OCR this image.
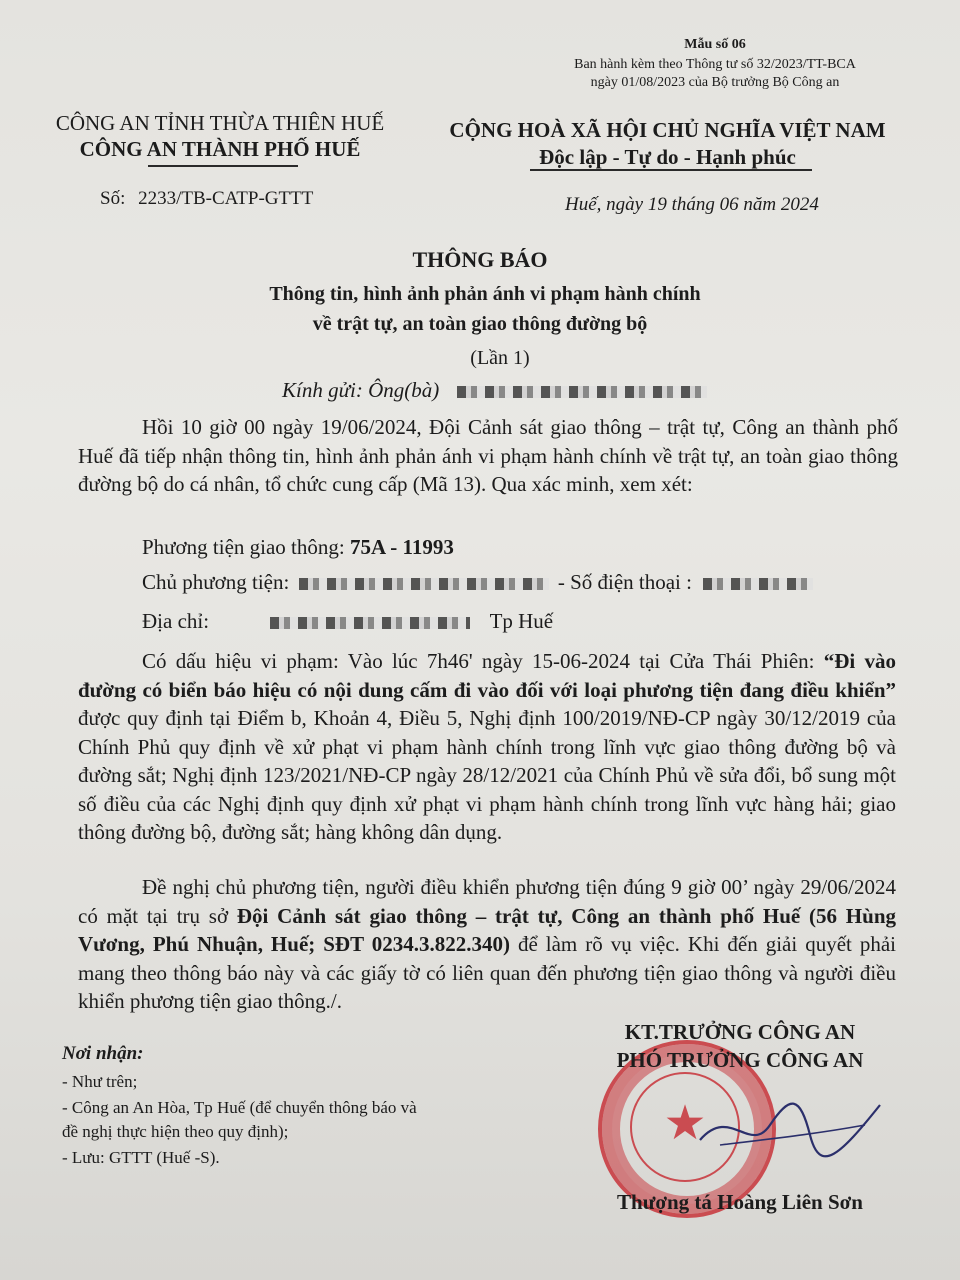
Mẫu số 06
Ban hành kèm theo Thông tư số 32/2023/TT-BCA
ngày 01/08/2023 của Bộ trưởng Bộ Công an
CÔNG AN TỈNH THỪA THIÊN HUẾ
CÔNG AN THÀNH PHỐ HUẾ
Số: 2233/TB-CATP-GTTT
CỘNG HOÀ XÃ HỘI CHỦ NGHĨA VIỆT NAM
Độc lập - Tự do - Hạnh phúc
Huế, ngày 19 tháng 06 năm 2024
THÔNG BÁO
Thông tin, hình ảnh phản ánh vi phạm hành chính
về trật tự, an toàn giao thông đường bộ
(Lần 1)
Kính gửi: Ông(bà)
Hồi 10 giờ 00 ngày 19/06/2024, Đội Cảnh sát giao thông – trật tự, Công an thành phố Huế đã tiếp nhận thông tin, hình ảnh phản ánh vi phạm hành chính về trật tự, an toàn giao thông đường bộ do cá nhân, tổ chức cung cấp (Mã 13). Qua xác minh, xem xét:
Phương tiện giao thông: 75A - 11993
Chủ phương tiện:	- Số điện thoại :
Địa chỉ:	Tp Huế
Có dấu hiệu vi phạm: Vào lúc 7h46' ngày 15-06-2024 tại Cửa Thái Phiên: “Đi vào đường có biển báo hiệu có nội dung cấm đi vào đối với loại phương tiện đang điều khiển” được quy định tại Điểm b, Khoản 4, Điều 5, Nghị định 100/2019/NĐ-CP ngày 30/12/2019 của Chính Phủ quy định về xử phạt vi phạm hành chính trong lĩnh vực giao thông đường bộ và đường sắt; Nghị định 123/2021/NĐ-CP ngày 28/12/2021 của Chính Phủ về sửa đổi, bổ sung một số điều của các Nghị định quy định xử phạt vi phạm hành chính trong lĩnh vực hàng hải; giao thông đường bộ, đường sắt; hàng không dân dụng.
Đề nghị chủ phương tiện, người điều khiển phương tiện đúng 9 giờ 00’ ngày 29/06/2024 có mặt tại trụ sở Đội Cảnh sát giao thông – trật tự, Công an thành phố Huế (56 Hùng Vương, Phú Nhuận, Huế; SĐT 0234.3.822.340) để làm rõ vụ việc. Khi đến giải quyết phải mang theo thông báo này và các giấy tờ có liên quan đến phương tiện giao thông và người điều khiển phương tiện giao thông./.
Nơi nhận:
- Như trên;
- Công an An Hòa, Tp Huế (để chuyển thông báo và
đề nghị thực hiện theo quy định);
- Lưu: GTTT (Huế -S).
★
KT.TRƯỞNG CÔNG AN
PHÓ TRƯỞNG CÔNG AN
Thượng tá Hoàng Liên Sơn
